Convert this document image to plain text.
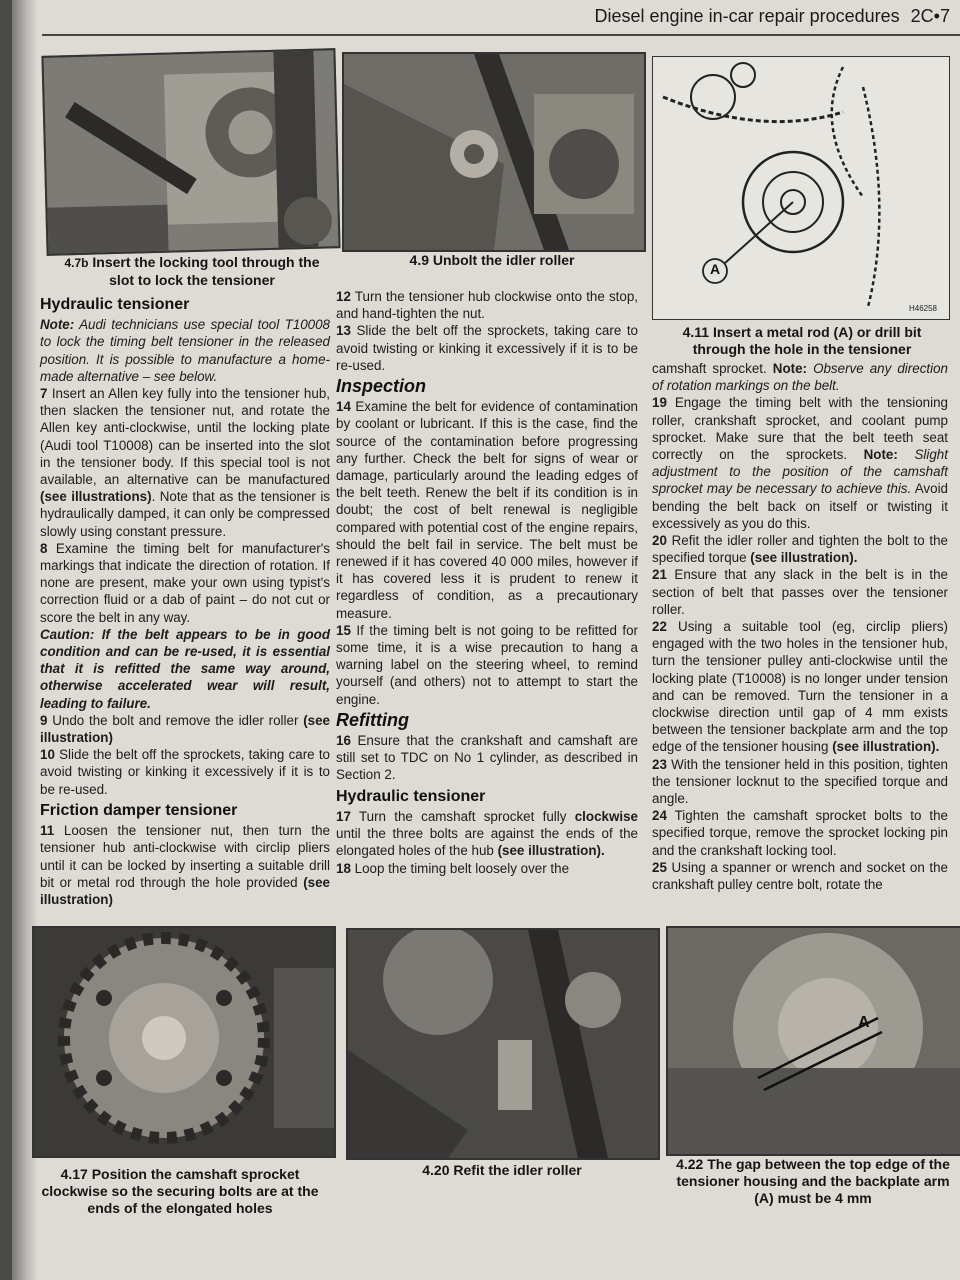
Diesel engine in-car repair procedures 2C•7
4.7b Insert the locking tool through the slot to lock the tensioner
4.9 Unbolt the idler roller
A
H46258
4.11 Insert a metal rod (A) or drill bit through the hole in the tensioner
Hydraulic tensioner

Note: Audi technicians use special tool T10008 to lock the timing belt tensioner in the released position. It is possible to manufacture a home-made alternative – see below.

7 Insert an Allen key fully into the tensioner hub, then slacken the tensioner nut, and rotate the Allen key anti-clockwise, until the locking plate (Audi tool T10008) can be inserted into the slot in the tensioner body. If this special tool is not available, an alternative can be manufactured (see illustrations). Note that as the tensioner is hydraulically damped, it can only be compressed slowly using constant pressure.

8 Examine the timing belt for manufacturer's markings that indicate the direction of rotation. If none are present, make your own using typist's correction fluid or a dab of paint – do not cut or score the belt in any way.

Caution: If the belt appears to be in good condition and can be re-used, it is essential that it is refitted the same way around, otherwise accelerated wear will result, leading to failure.

9 Undo the bolt and remove the idler roller (see illustration)

10 Slide the belt off the sprockets, taking care to avoid twisting or kinking it excessively if it is to be re-used.

Friction damper tensioner

11 Loosen the tensioner nut, then turn the tensioner hub anti-clockwise with circlip pliers until it can be locked by inserting a suitable drill bit or metal rod through the hole provided (see illustration)

12 Turn the tensioner hub clockwise onto the stop, and hand-tighten the nut.

13 Slide the belt off the sprockets, taking care to avoid twisting or kinking it excessively if it is to be re-used.

Inspection

14 Examine the belt for evidence of contamination by coolant or lubricant. If this is the case, find the source of the contamination before progressing any further. Check the belt for signs of wear or damage, particularly around the leading edges of the belt teeth. Renew the belt if its condition is in doubt; the cost of belt renewal is negligible compared with potential cost of the engine repairs, should the belt fail in service. The belt must be renewed if it has covered 40 000 miles, however if it has covered less it is prudent to renew it regardless of condition, as a precautionary measure.

15 If the timing belt is not going to be refitted for some time, it is a wise precaution to hang a warning label on the steering wheel, to remind yourself (and others) not to attempt to start the engine.

Refitting

16 Ensure that the crankshaft and camshaft are still set to TDC on No 1 cylinder, as described in Section 2.

Hydraulic tensioner

17 Turn the camshaft sprocket fully clockwise until the three bolts are against the ends of the elongated holes of the hub (see illustration).

18 Loop the timing belt loosely over the

camshaft sprocket. Note: Observe any direction of rotation markings on the belt.

19 Engage the timing belt with the tensioning roller, crankshaft sprocket, and coolant pump sprocket. Make sure that the belt teeth seat correctly on the sprockets. Note: Slight adjustment to the position of the camshaft sprocket may be necessary to achieve this. Avoid bending the belt back on itself or twisting it excessively as you do this.

20 Refit the idler roller and tighten the bolt to the specified torque (see illustration).

21 Ensure that any slack in the belt is in the section of belt that passes over the tensioner roller.

22 Using a suitable tool (eg, circlip pliers) engaged with the two holes in the tensioner hub, turn the tensioner pulley anti-clockwise until the locking plate (T10008) is no longer under tension and can be removed. Turn the tensioner in a clockwise direction until gap of 4 mm exists between the tensioner backplate arm and the top edge of the tensioner housing (see illustration).

23 With the tensioner held in this position, tighten the tensioner locknut to the specified torque and angle.

24 Tighten the camshaft sprocket bolts to the specified torque, remove the sprocket locking pin and the crankshaft locking tool.

25 Using a spanner or wrench and socket on the crankshaft pulley centre bolt, rotate the

4.17 Position the camshaft sprocket clockwise so the securing bolts are at the ends of the elongated holes
4.20 Refit the idler roller
A
4.22 The gap between the top edge of the tensioner housing and the backplate arm (A) must be 4 mm
